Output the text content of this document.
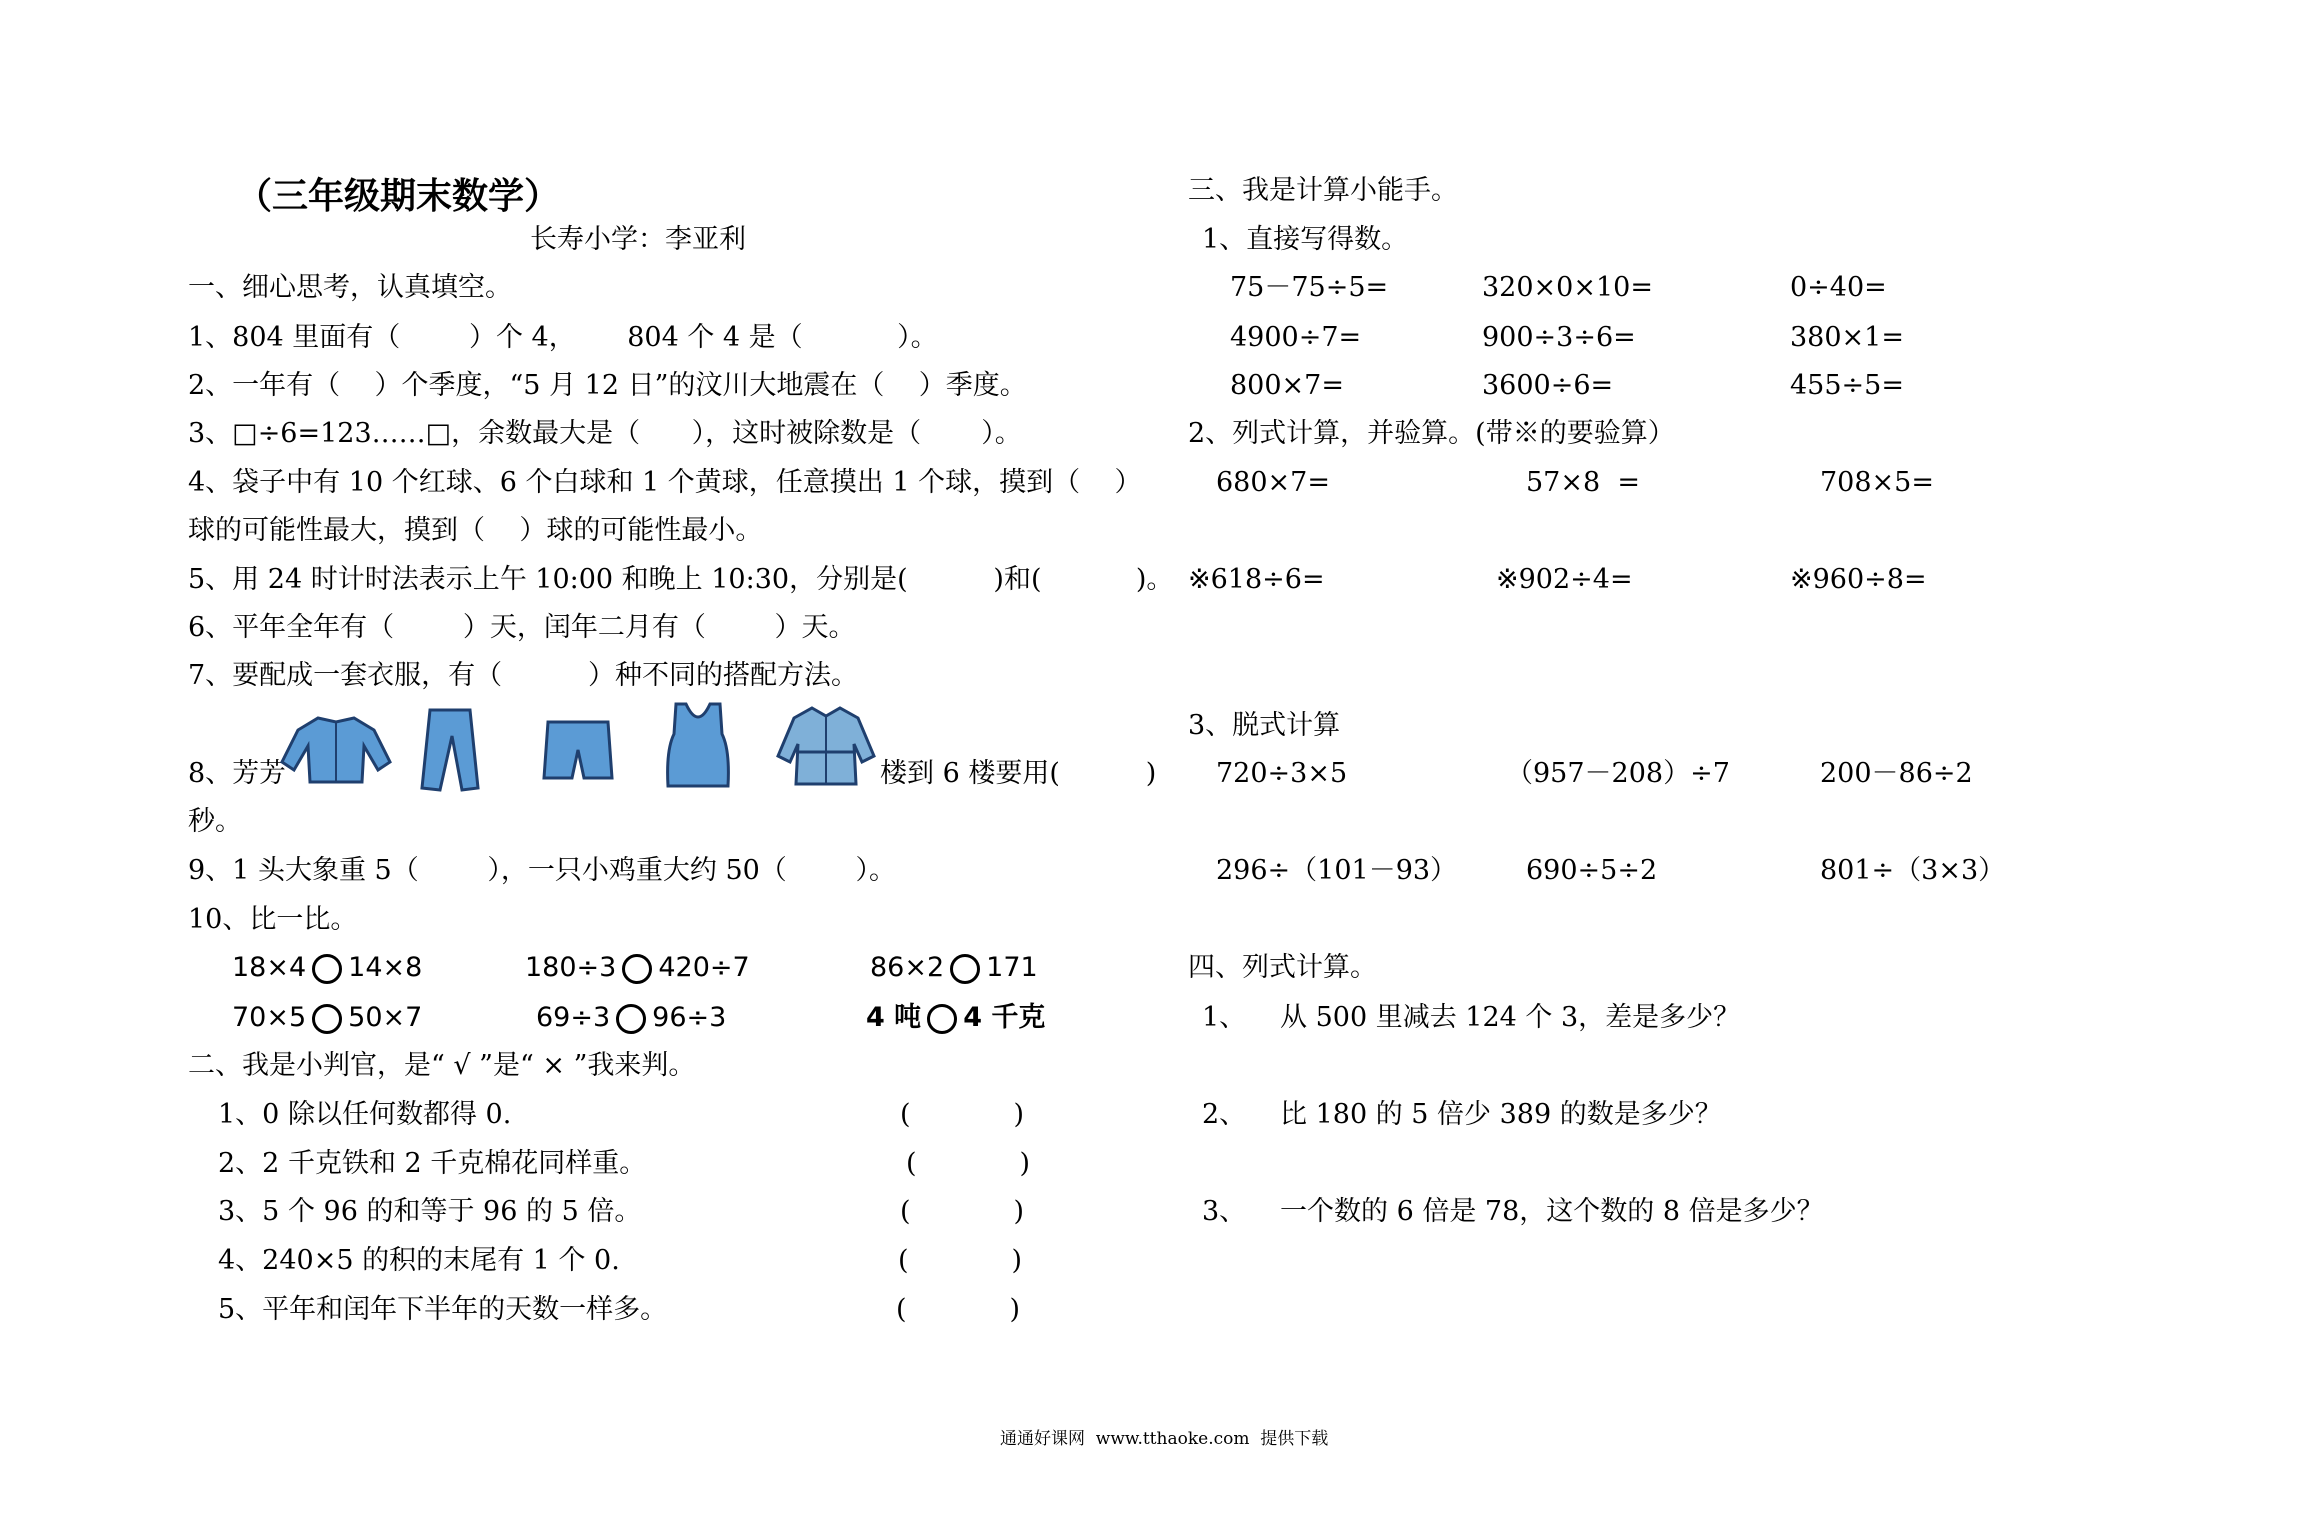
（三年级期末数学）
长寿小学：李亚利
一、细心思考，认真填空。
1、804 里面有（        ）个 4，      804 个 4 是（           ）。
2、一年有（    ）个季度，“5 月 12 日”的汶川大地震在（    ）季度。
3、□÷6=123……□，余数最大是（      ），这时被除数是（       ）。
4、袋子中有 10 个红球、6 个白球和 1 个黄球，任意摸出 1 个球，摸到（    ）
球的可能性最大，摸到（    ）球的可能性最小。
5、用 24 时计时法表示上午 10:00 和晚上 10:30，分别是(          )和(           )。
6、平年全年有（        ）天，闰年二月有（        ）天。
7、要配成一套衣服，有（          ）种不同的搭配方法。
8、芳芳	楼到 6 楼要用(          )
秒。
9、1 头大象重 5（        ），一只小鸡重大约 50（        ）。
10、比一比。
18×4 14×8	180÷3 420÷7	86×2 171
70×5 50×7	69÷3 96÷3	4 吨 4 千克
二、我是小判官，是“ √ ”是“ × ”我来判。
1、0 除以任何数都得 0.	(            )
2、2 千克铁和 2 千克棉花同样重。	(            )
3、5 个 96 的和等于 96 的 5 倍。	(            )
4、240×5 的积的末尾有 1 个 0.	(            )
5、平年和闰年下半年的天数一样多。	(            )
三、我是计算小能手。
1、直接写得数。
75－75÷5=	320×0×10=	0÷40=
4900÷7=	900÷3÷6=	380×1=
800×7=	3600÷6=	455÷5=
2、列式计算，并验算。(带※的要验算）
680×7=	57×8  =	708×5=
※618÷6=	※902÷4=	※960÷8=
3、脱式计算
720÷3×5	（957－208）÷7	200－86÷2
296÷（101－93）	690÷5÷2	801÷（3×3）
四、列式计算。
1、 从 500 里减去 124 个 3，差是多少？
2、 比 180 的 5 倍少 389 的数是多少？
3、 一个数的 6 倍是 78，这个数的 8 倍是多少？
通通好课网  www.tthaoke.com  提供下载
